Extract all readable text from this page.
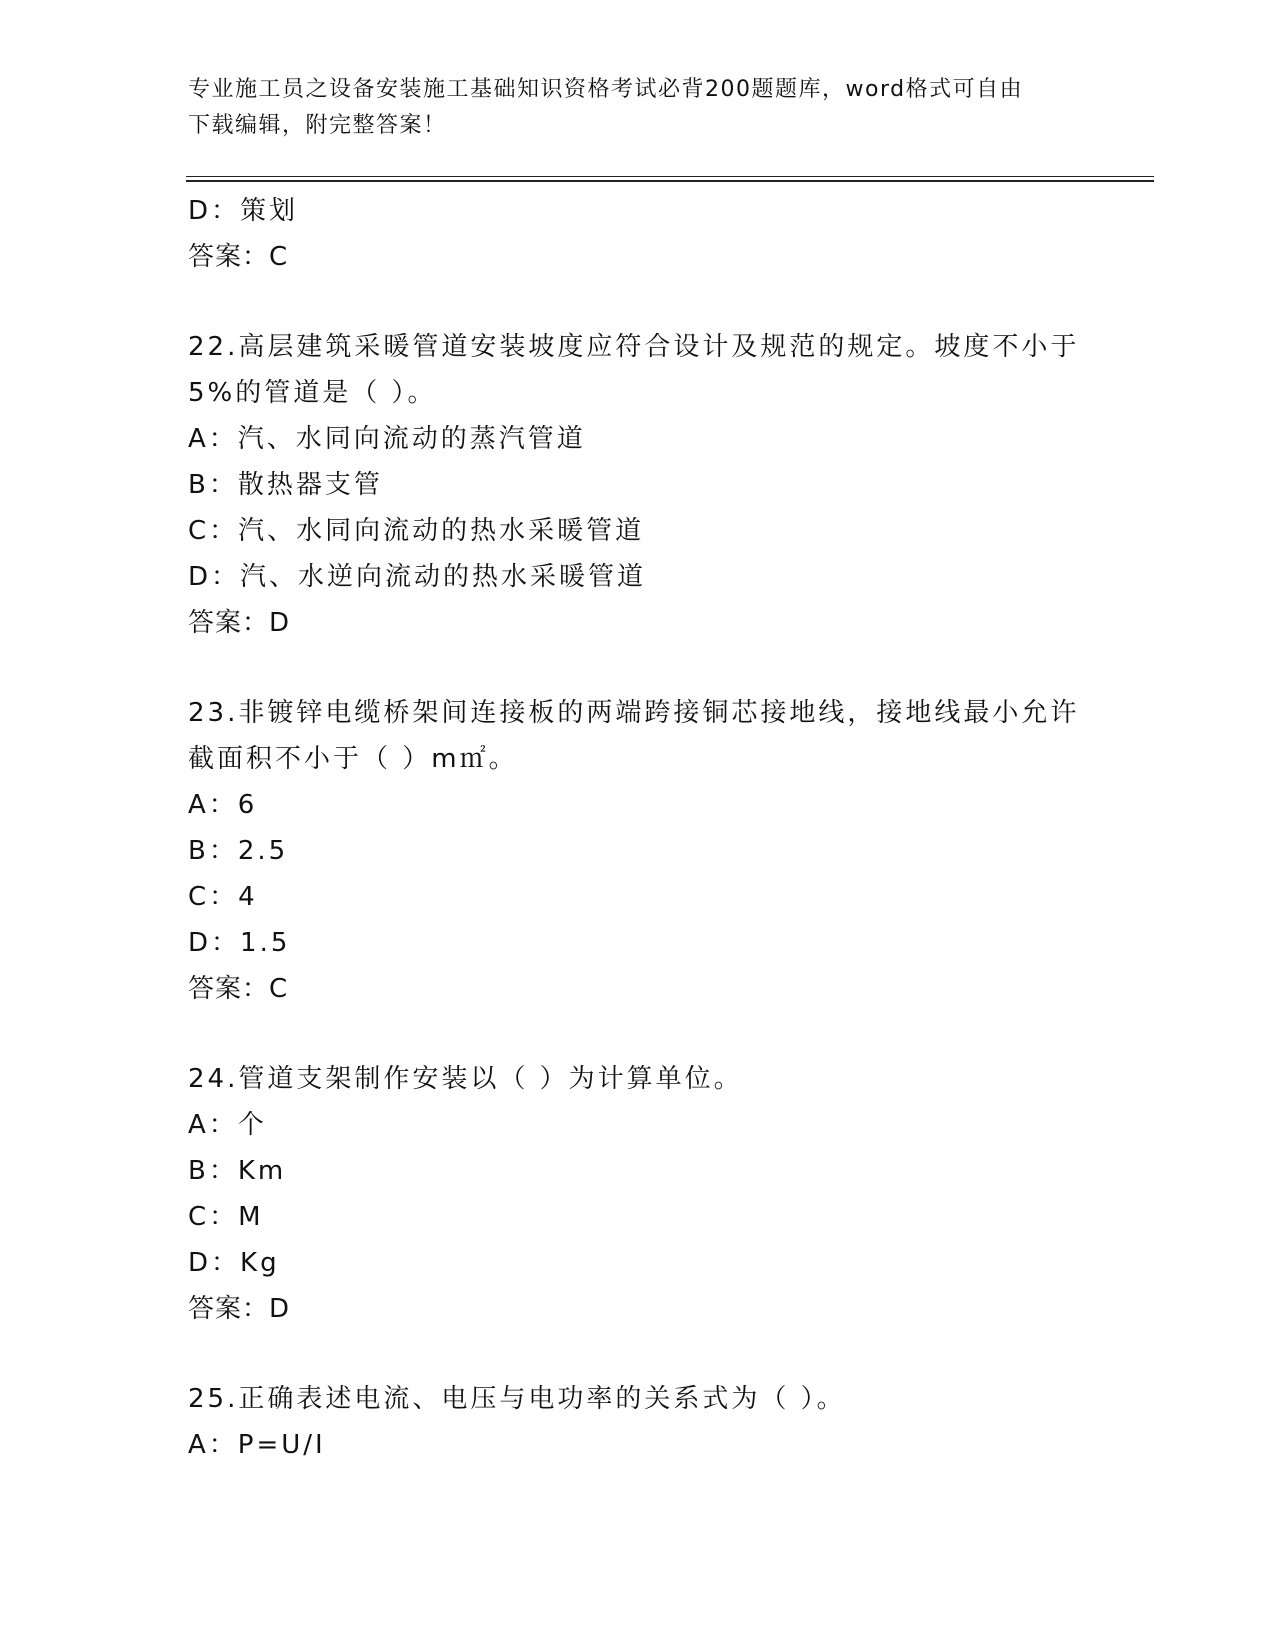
专业施工员之设备安装施工基础知识资格考试必背200题题库，word格式可自由
下载编辑，附完整答案！
D：策划
答案：C
22.高层建筑采暖管道安装坡度应符合设计及规范的规定。坡度不小于
5%的管道是（ ）。
A：汽、水同向流动的蒸汽管道
B：散热器支管
C：汽、水同向流动的热水采暖管道
D：汽、水逆向流动的热水采暖管道
答案：D
23.非镀锌电缆桥架间连接板的两端跨接铜芯接地线，接地线最小允许
截面积不小于（ ）m㎡。
A：6
B：2.5
C：4
D：1.5
答案：C
24.管道支架制作安装以（ ）为计算单位。
A：个
B：Km
C：M
D：Kg
答案：D
25.正确表述电流、电压与电功率的关系式为（ ）。
A：P=U/I
